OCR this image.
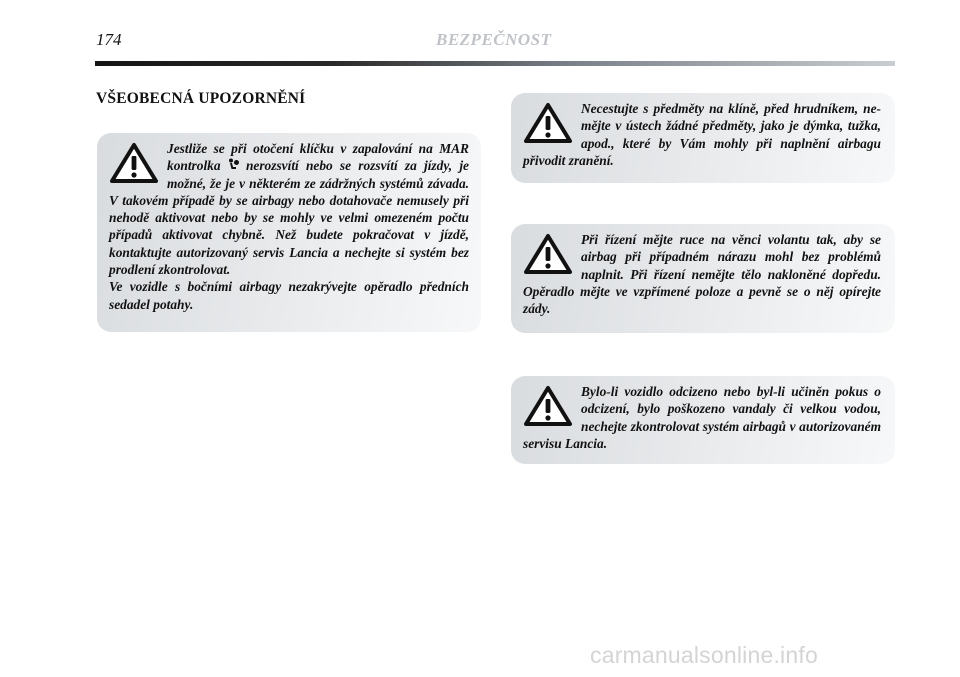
174	BEZPEČNOST
VŠEOBECNÁ UPOZORNĚNÍ
Jestliže se při otočení klíčku v zapalování na MAR kontrolka  nerozsvítí nebo se rozsvítí za jízdy, je možné, že je v některém ze zádržných systémů závada. V takovém případě by se airbagy nebo dotahovače nemusely při nehodě aktivovat nebo by se mohly ve velmi omezeném počtu případů aktivovat chybně. Než budete pokračovat v jízdě, kontaktujte autorizovaný servis Lancia a nechejte si systém bez prodlení zkontrolovat.
Ve vozidle s bočními airbagy nezakrývejte opěradlo předních sedadel potahy.
Necestujte s předměty na klíně, před hrudníkem, ne- mějte v ústech žádné předměty, jako je dýmka, tužka, apod., které by Vám mohly při naplnění airbagu přivodit zranění.
Při řízení mějte ruce na věnci volantu tak, aby se airbag při případném nárazu mohl bez problémů naplnit. Při řízení nemějte tělo nakloněné dopředu. Opěradlo mějte ve vzpřímené poloze a pevně se o něj opírejte zády.
Bylo-li vozidlo odcizeno nebo byl-li učiněn pokus o odcizení, bylo poškozeno vandaly či velkou vodou, nechejte zkontrolovat systém airbagů v autorizovaném servisu Lancia.
carmanualsonline.info
